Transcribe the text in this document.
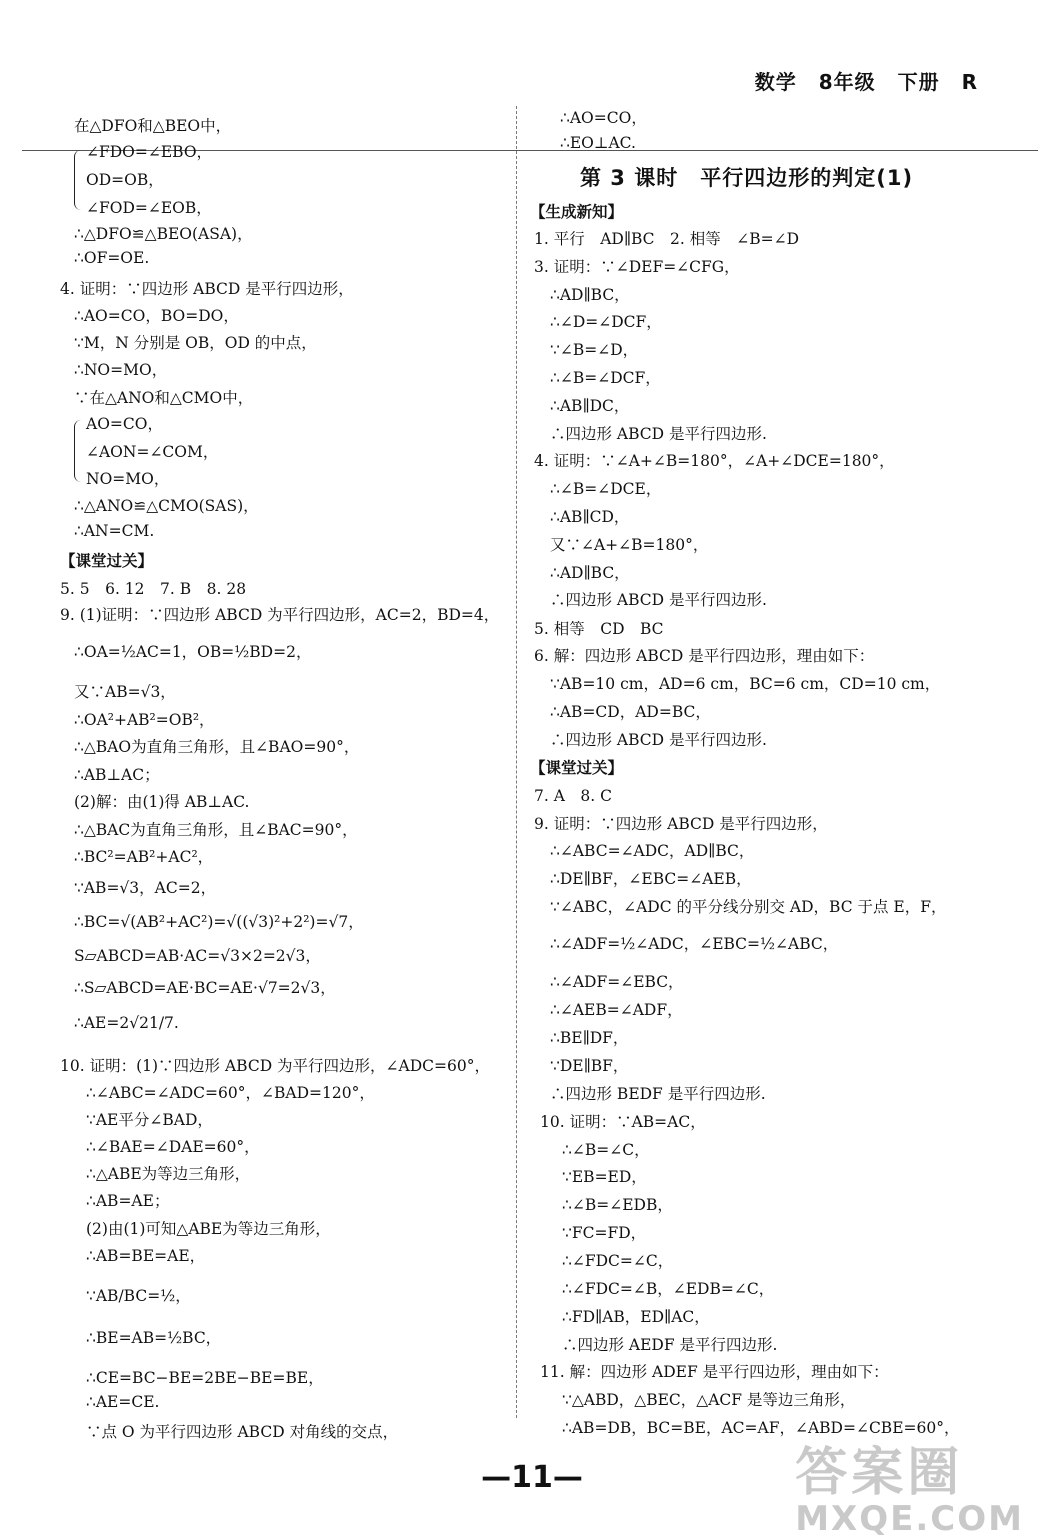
数学 8年级 下册 R
第 3 课时　平行四边形的判定(1)
在△DFO和△BEO中，
∠FDO=∠EBO，
OD=OB，
∠FOD=∠EOB，
∴△DFO≌△BEO(ASA)，
∴OF=OE.
4. 证明：∵四边形 ABCD 是平行四边形，
∴AO=CO，BO=DO，
∵M，N 分别是 OB，OD 的中点，
∴NO=MO，
∵在△ANO和△CMO中，
AO=CO，
∠AON=∠COM，
NO=MO，
∴△ANO≌△CMO(SAS)，
∴AN=CM.
【课堂过关】
5. 5　6. 12　7. B　8. 28
9. (1)证明：∵四边形 ABCD 为平行四边形，AC=2，BD=4，
∴OA=½AC=1，OB=½BD=2，
又∵AB=√3，
∴OA²+AB²=OB²，
∴△BAO为直角三角形，且∠BAO=90°，
∴AB⊥AC；
(2)解：由(1)得 AB⊥AC.
∴△BAC为直角三角形，且∠BAC=90°，
∴BC²=AB²+AC²，
∵AB=√3，AC=2，
∴BC=√(AB²+AC²)=√((√3)²+2²)=√7，
S▱ABCD=AB·AC=√3×2=2√3，
∴S▱ABCD=AE·BC=AE·√7=2√3，
∴AE=2√21/7.
10. 证明：(1)∵四边形 ABCD 为平行四边形，∠ADC=60°，
∴∠ABC=∠ADC=60°，∠BAD=120°，
∵AE平分∠BAD，
∴∠BAE=∠DAE=60°，
∴△ABE为等边三角形，
∴AB=AE；
(2)由(1)可知△ABE为等边三角形，
∴AB=BE=AE，
∵AB/BC=½，
∴BE=AB=½BC，
∴CE=BC−BE=2BE−BE=BE，
∴AE=CE.
∵点 O 为平行四边形 ABCD 对角线的交点，
∴AO=CO，
∴EO⊥AC.
【生成新知】
1. 平行　AD∥BC　2. 相等　∠B=∠D
3. 证明：∵∠DEF=∠CFG，
∴AD∥BC，
∴∠D=∠DCF，
∵∠B=∠D，
∴∠B=∠DCF，
∴AB∥DC，
∴四边形 ABCD 是平行四边形.
4. 证明：∵∠A+∠B=180°，∠A+∠DCE=180°，
∴∠B=∠DCE，
∴AB∥CD，
又∵∠A+∠B=180°，
∴AD∥BC，
∴四边形 ABCD 是平行四边形.
5. 相等　CD　BC
6. 解：四边形 ABCD 是平行四边形，理由如下：
∵AB=10 cm，AD=6 cm，BC=6 cm，CD=10 cm，
∴AB=CD，AD=BC，
∴四边形 ABCD 是平行四边形.
【课堂过关】
7. A　8. C
9. 证明：∵四边形 ABCD 是平行四边形，
∴∠ABC=∠ADC，AD∥BC，
∴DE∥BF，∠EBC=∠AEB，
∵∠ABC，∠ADC 的平分线分别交 AD，BC 于点 E，F，
∴∠ADF=½∠ADC，∠EBC=½∠ABC，
∴∠ADF=∠EBC，
∴∠AEB=∠ADF，
∴BE∥DF，
∵DE∥BF，
∴四边形 BEDF 是平行四边形.
10. 证明：∵AB=AC，
∴∠B=∠C，
∵EB=ED，
∴∠B=∠EDB，
∵FC=FD，
∴∠FDC=∠C，
∴∠FDC=∠B，∠EDB=∠C，
∴FD∥AB，ED∥AC，
∴四边形 AEDF 是平行四边形.
11. 解：四边形 ADEF 是平行四边形，理由如下：
∵△ABD，△BEC，△ACF 是等边三角形，
∴AB=DB，BC=BE，AC=AF，∠ABD=∠CBE=60°，
—11—	答案圈
MXQE.COM
